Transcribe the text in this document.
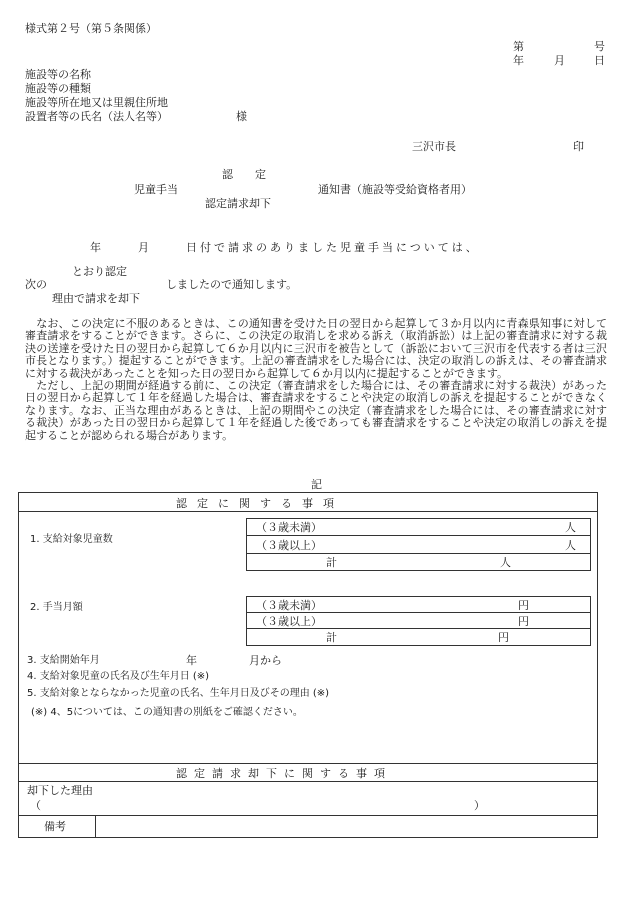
様式第２号（第５条関係）
第	号
年	月	日
施設等の名称
施設等の種類
施設等所在地又は里親住所地
設置者等の氏名（法人名等）	様
三沢市長	印
認　　定
児童手当	通知書（施設等受給資格者用）
認定請求却下
年	月	日付で請求のありました児童手当については、
とおり認定
次の	しましたので通知します。
理由で請求を却下
　なお、この決定に不服のあるときは、この通知書を受けた日の翌日から起算して３か月以内に青森県知事に対して審査請求をすることができます。さらに、この決定の取消しを求める訴え（取消訴訟）は上記の審査請求に対する裁決の送達を受けた日の翌日から起算して６か月以内に三沢市を被告として（訴訟において三沢市を代表する者は三沢市長となります。）提起することができます。上記の審査請求をした場合には、決定の取消しの訴えは、その審査請求に対する裁決があったことを知った日の翌日から起算して６か月以内に提起することができます。
　ただし、上記の期間が経過する前に、この決定（審査請求をした場合には、その審査請求に対する裁決）があった日の翌日から起算して１年を経過した場合は、審査請求をすることや決定の取消しの訴えを提起することができなくなります。なお、正当な理由があるときは、上記の期間やこの決定（審査請求をした場合には、その審査請求に対する裁決）があった日の翌日から起算して１年を経過した後であっても審査請求をすることや決定の取消しの訴えを提起することが認められる場合があります。
記
認定に関する事項
1. 支給対象児童数
（３歳未満）	人
（３歳以上）	人
計	人
2. 手当月額	（３歳未満）	円
（３歳以上）	円
計	円
3. 支給開始年月	年	月から
4. 支給対象児童の氏名及び生年月日 (※)
5. 支給対象とならなかった児童の氏名、生年月日及びその理由 (※)
(※) 4、5については、この通知書の別紙をご確認ください。
認定請求却下に関する事項
却下した理由
（	）
備考
